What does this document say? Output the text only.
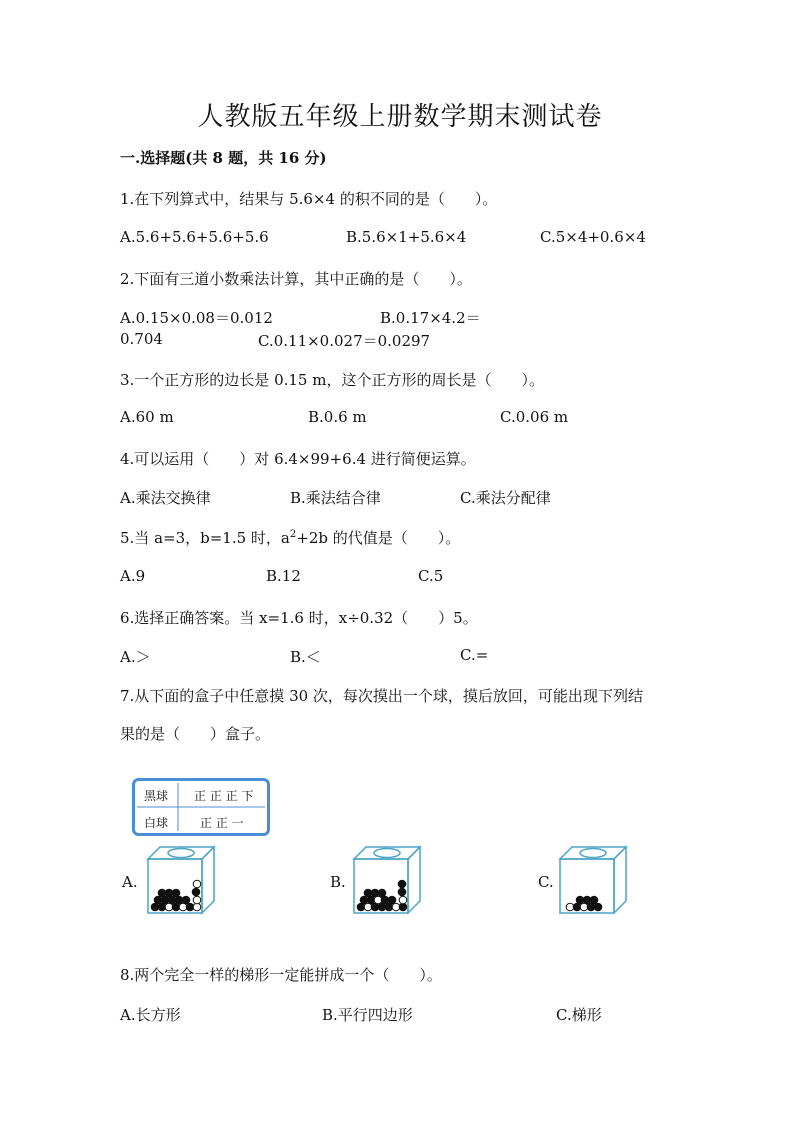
人教版五年级上册数学期末测试卷
一.选择题(共 8 题，共 16 分)
1.在下列算式中，结果与 5.6×4 的积不同的是（　　）。
A.5.6+5.6+5.6+5.6	B.5.6×1+5.6×4	C.5×4+0.6×4
2.下面有三道小数乘法计算，其中正确的是（　　）。
A.0.15×0.08＝0.012	B.0.17×4.2＝
0.704	C.0.11×0.027＝0.0297
3.一个正方形的边长是 0.15 m，这个正方形的周长是（　　）。
A.60 m	B.0.6 m	C.0.06 m
4.可以运用（　　）对 6.4×99+6.4 进行简便运算。
A.乘法交换律	B.乘法结合律	C.乘法分配律
5.当 a=3，b=1.5 时，$a^2+2b$ 的代值是（　　）。
A.9	B.12	C.5
6.选择正确答案。当 x=1.6 时，x÷0.32（　　）5。
A.＞	B.＜	C.=
7.从下面的盒子中任意摸 30 次，每次摸出一个球，摸后放回，可能出现下列结
果的是（　　）盒子。
黑球 正 正 正 下
白球	正 正 一
A.	B.	C.
8.两个完全一样的梯形一定能拼成一个（　　）。
A.长方形	B.平行四边形	C.梯形
